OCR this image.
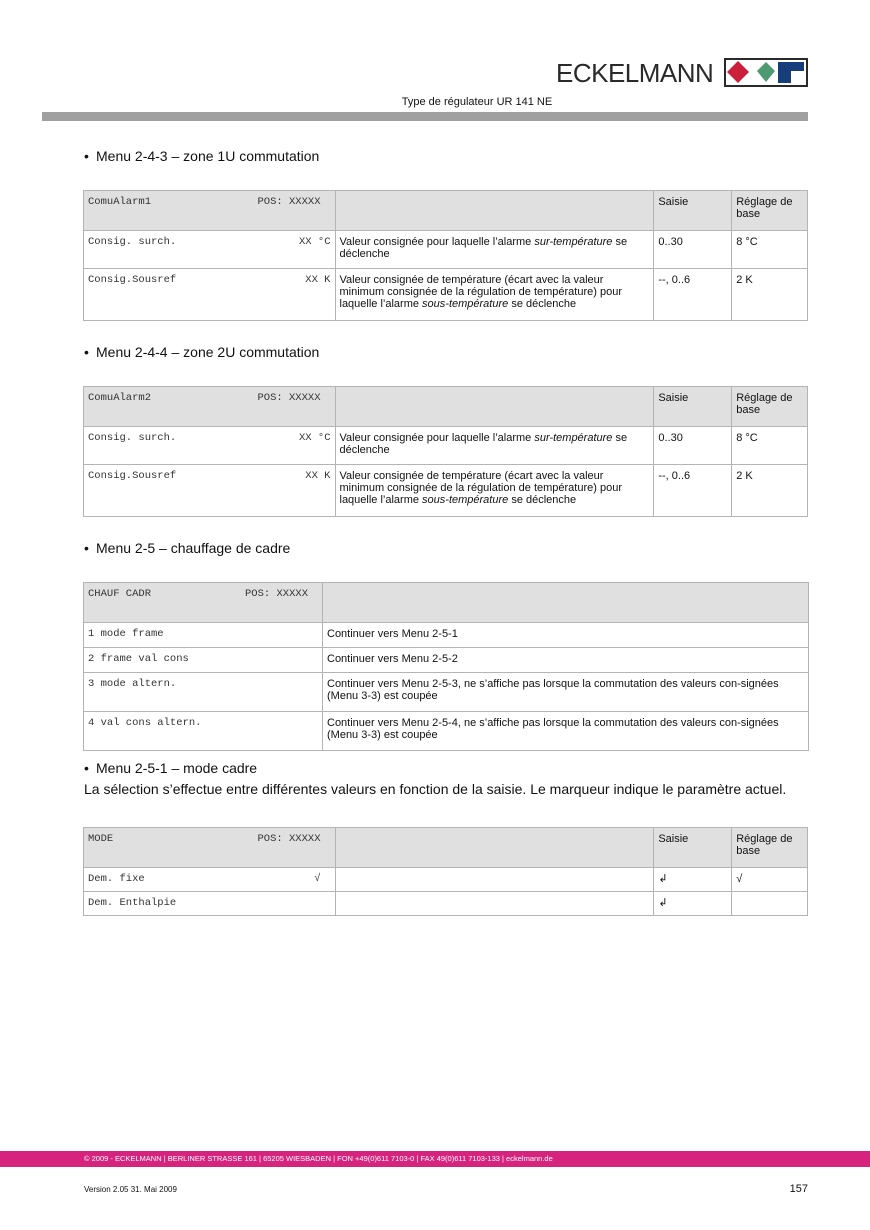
ECKELMANN
Type de régulateur UR 141 NE
• Menu 2-4-3 – zone 1U commutation
ComuAlarm1 POS: XXXXX		Saisie	Réglage de base

Consig. surch. XX °C	Valeur consignée pour laquelle l’alarme sur-température se déclenche	0..30	8 °C

Consig.Sousref XX K	Valeur consignée de température (écart avec la valeur minimum consignée de la régulation de température) pour laquelle l’alarme sous-température se déclenche	--, 0..6	2 K
• Menu 2-4-4 – zone 2U commutation
ComuAlarm2 POS: XXXXX		Saisie	Réglage de base

Consig. surch. XX °C	Valeur consignée pour laquelle l’alarme sur-température se déclenche	0..30	8 °C

Consig.Sousref XX K	Valeur consignée de température (écart avec la valeur minimum consignée de la régulation de température) pour laquelle l’alarme sous-température se déclenche	--, 0..6	2 K
• Menu 2-5 – chauffage de cadre
CHAUF CADR POS: XXXXX	

1 mode frame	Continuer vers Menu 2-5-1
2 frame val cons	Continuer vers Menu 2-5-2
3 mode altern.	Continuer vers Menu 2-5-3, ne s’affiche pas lorsque la commutation des valeurs con-signées (Menu 3-3) est coupée
4 val cons altern.	Continuer vers Menu 2-5-4, ne s’affiche pas lorsque la commutation des valeurs con-signées (Menu 3-3) est coupée
• Menu 2-5-1 – mode cadre
La sélection s’effectue entre différentes valeurs en fonction de la saisie. Le marqueur indique le paramètre actuel.
MODE POS: XXXXX		Saisie	Réglage de base

Dem. fixe √		↲	√

Dem. Enthalpie		↲	
© 2009 - ECKELMANN | BERLINER STRASSE 161 | 65205 WIESBADEN | FON +49(0)611 7103-0 | FAX 49(0)611 7103-133 | eckelmann.de
Version 2.05 31. Mai 2009	157
